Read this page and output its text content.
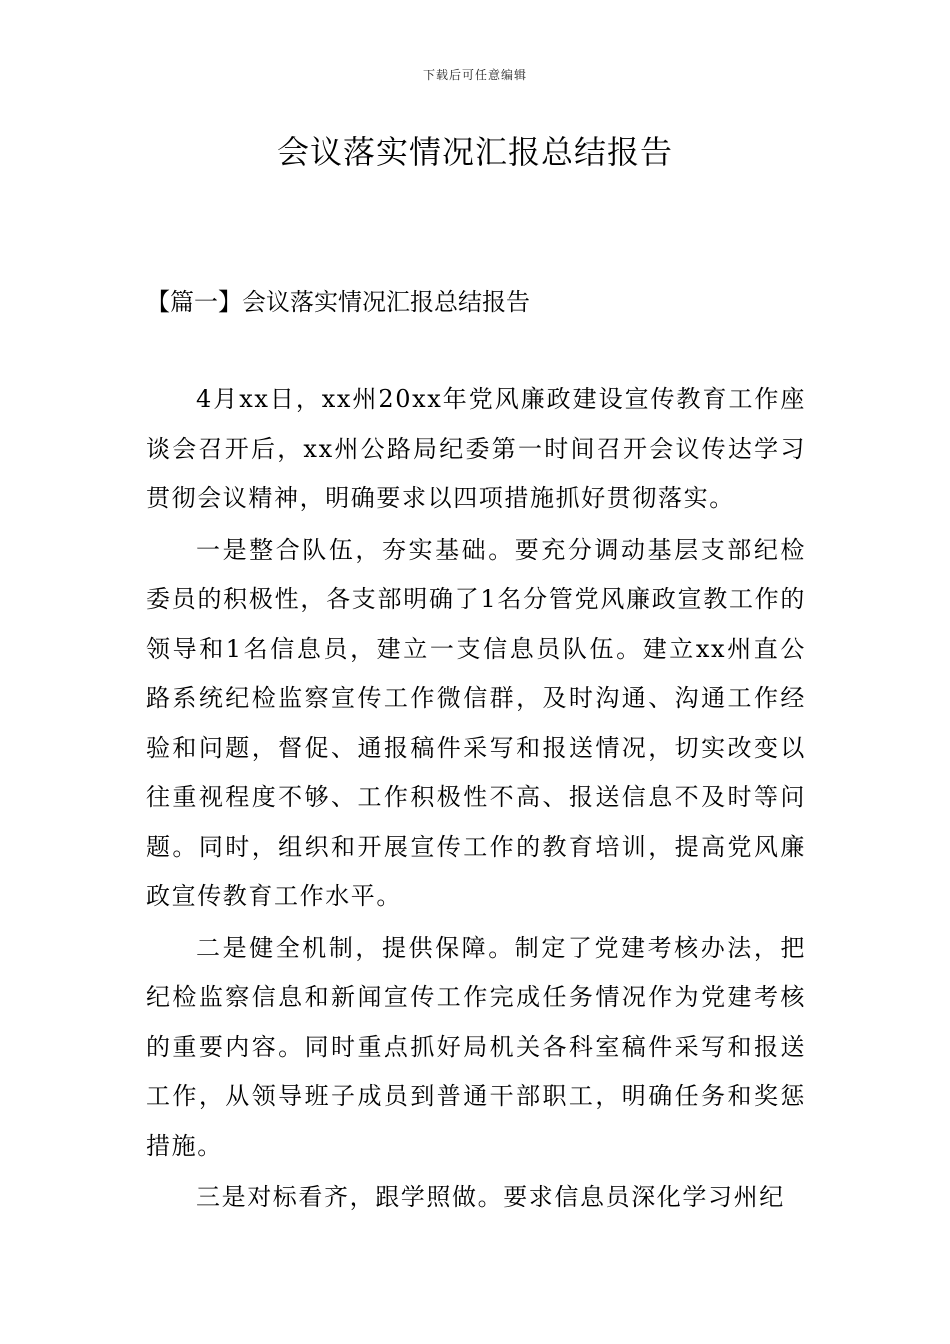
下载后可任意编辑
会议落实情况汇报总结报告
【篇一】会议落实情况汇报总结报告

4月xx日，xx州20xx年党风廉政建设宣传教育工作座谈会召开后，xx州公路局纪委第一时间召开会议传达学习贯彻会议精神，明确要求以四项措施抓好贯彻落实。

一是整合队伍，夯实基础。要充分调动基层支部纪检委员的积极性，各支部明确了1名分管党风廉政宣教工作的领导和1名信息员，建立一支信息员队伍。建立xx州直公路系统纪检监察宣传工作微信群，及时沟通、沟通工作经验和问题，督促、通报稿件采写和报送情况，切实改变以往重视程度不够、工作积极性不高、报送信息不及时等问题。同时，组织和开展宣传工作的教育培训，提高党风廉政宣传教育工作水平。

二是健全机制，提供保障。制定了党建考核办法，把纪检监察信息和新闻宣传工作完成任务情况作为党建考核的重要内容。同时重点抓好局机关各科室稿件采写和报送工作，从领导班子成员到普通干部职工，明确任务和奖惩措施。

三是对标看齐，跟学照做。要求信息员深化学习州纪
